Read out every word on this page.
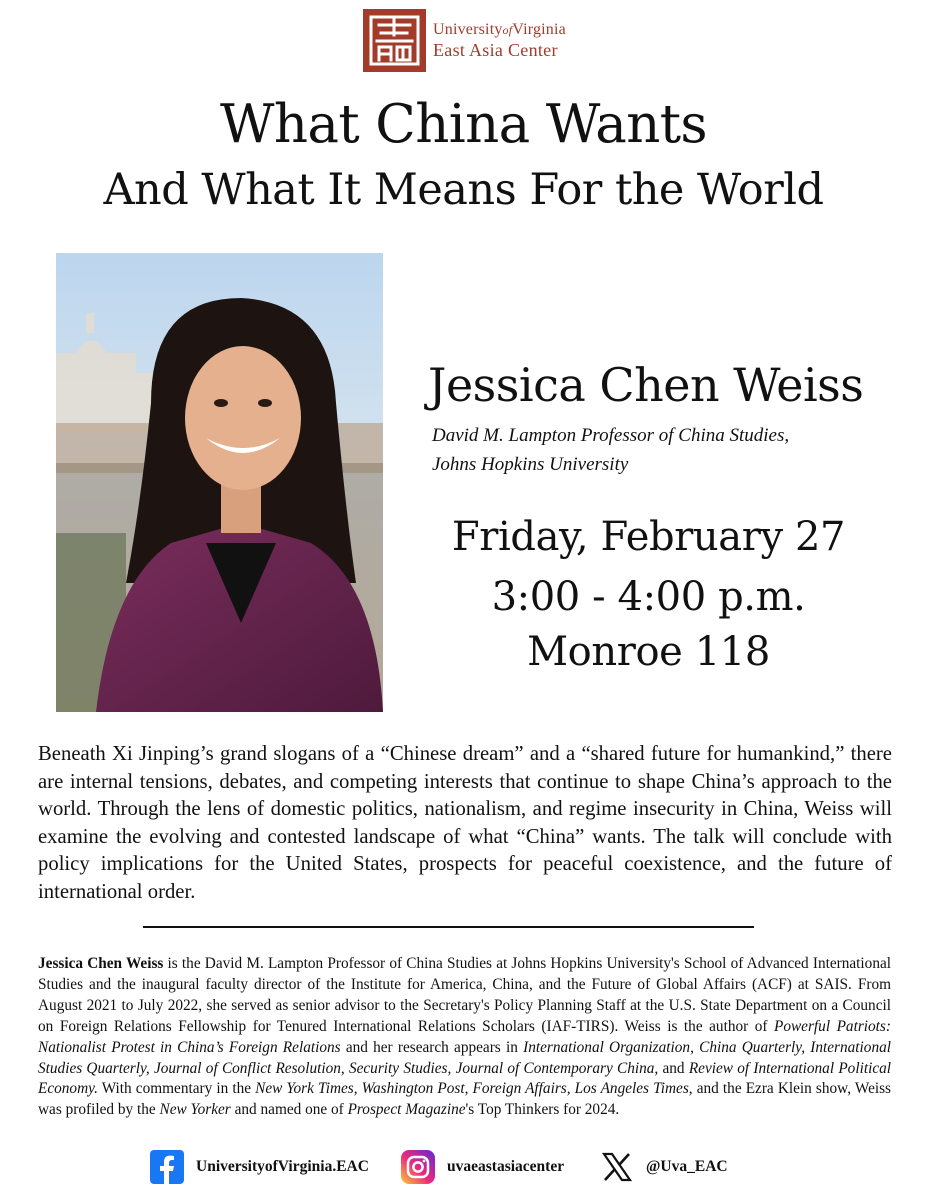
UniversityofVirginia
East Asia Center
What China Wants
And What It Means For the World
Jessica Chen Weiss
David M. Lampton Professor of China Studies,
Johns Hopkins University
Friday, February 27
3:00 - 4:00 p.m.
Monroe 118

Beneath Xi Jinping’s grand slogans of a “Chinese dream” and a “shared future for humankind,” there are internal tensions, debates, and competing interests that continue to shape China’s approach to the world. Through the lens of domestic politics, nationalism, and regime insecurity in China, Weiss will examine the evolving and contested landscape of what “China” wants. The talk will conclude with policy implications for the United States, prospects for peaceful coexistence, and the future of international order.

Jessica Chen Weiss is the David M. Lampton Professor of China Studies at Johns Hopkins University's School of Advanced International Studies and the inaugural faculty director of the Institute for America, China, and the Future of Global Affairs (ACF) at SAIS. From August 2021 to July 2022, she served as senior advisor to the Secretary's Policy Planning Staff at the U.S. State Department on a Council on Foreign Relations Fellowship for Tenured International Relations Scholars (IAF-TIRS). Weiss is the author of Powerful Patriots: Nationalist Protest in China’s Foreign Relations and her research appears in International Organization, China Quarterly, International Studies Quarterly, Journal of Conflict Resolution, Security Studies, Journal of Contemporary China, and Review of International Political Economy. With commentary in the New York Times, Washington Post, Foreign Affairs, Los Angeles Times, and the Ezra Klein show, Weiss was profiled by the New Yorker and named one of Prospect Magazine's Top Thinkers for 2024.

UniversityofVirginia.EAC	uvaeastasiacenter	@Uva_EAC
